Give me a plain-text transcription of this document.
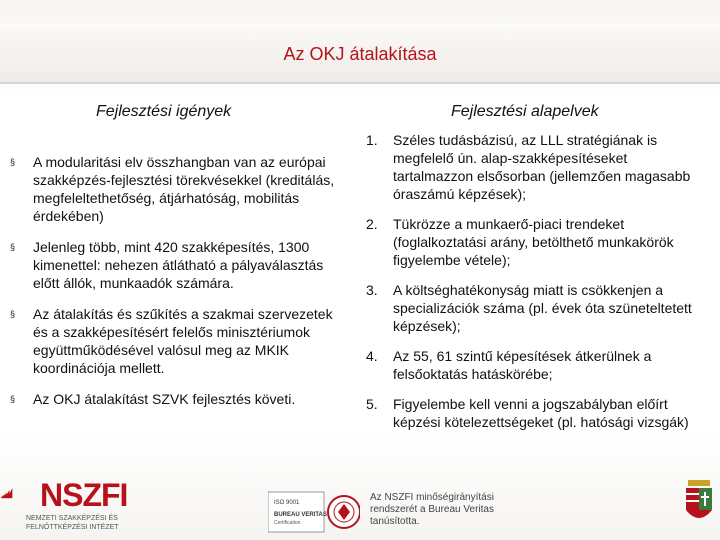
Az OKJ átalakítása
Fejlesztési igények	Fejlesztési alapelvek
§ A modularitási elv összhangban van az európai szakképzés-fejlesztési törekvésekkel (kreditálás, megfeleltethetőség, átjárhatóság, mobilitás érdekében)
§ Jelenleg több, mint 420 szakképesítés, 1300 kimenettel: nehezen átlátható a pályaválasztás előtt állók, munkaadók számára.
§ Az átalakítás és szűkítés a szakmai szervezetek és a szakképesítésért felelős minisztériumok együttműködésével valósul meg az MKIK koordinációja mellett.
§ Az OKJ átalakítást SZVK fejlesztés követi.
1. Széles tudásbázisú, az LLL stratégiának is megfelelő ún. alap-szakképesítéseket tartalmazzon elsősorban (jellemzően magasabb óraszámú képzések);
2. Tükrözze a munkaerő-piaci trendeket (foglalkoztatási arány, betölthető munkakörök figyelembe vétele);
3. A költséghatékonyság miatt is csökkenjen a specializációk száma (pl. évek óta szüneteltetett képzések);
4. Az 55, 61 szintű képesítések átkerülnek a felsőoktatás hatáskörébe;
5. Figyelembe kell venni a jogszabályban előírt képzési kötelezettségeket (pl. hatósági vizsgák)
NSZFI
NEMZETI SZAKKÉPZÉSI ÉS FELNŐTTKÉPZÉSI INTÉZET
ISO 9001
BUREAU VERITAS
Certification
Az NSZFI minőségirányítási rendszerét a Bureau Veritas tanúsította.
